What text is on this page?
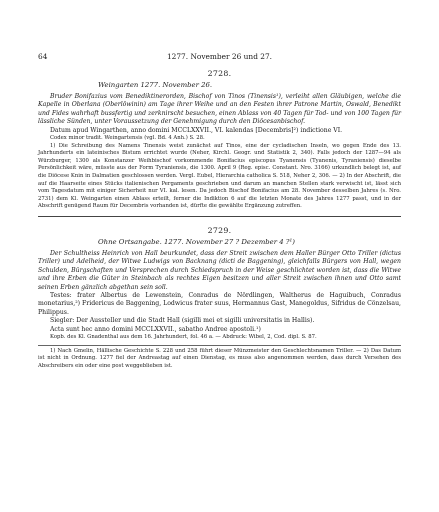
64	1277. November 26 und 27.
2728.
Weingarten 1277. November 26.

Bruder Bonifazius vom Benediktinerorden, Bischof von Tinos (Tinensis¹), verleiht allen Gläubigen, welche die Kapelle in Oberlana (Oberlöwinin) am Tage ihrer Weihe und an den Festen ihrer Patrone Martin, Oswald, Benedikt und Fides wahrhaft bussfertig und zerknirscht besuchen, einen Ablass von 40 Tagen für Tod- und von 100 Tagen für lässliche Sünden, unter Voraussetzung der Genehmigung durch den Diöcesanbischof.

Datum apud Wingarthen, anno domini MCCLXXVII., VI. kalendas [Decembris]²) indictione VI.

Codex minor tradit. Weingartensis (vgl. Bd. 4 Anh.) S. 28.

1) Die Schreibung des Namens Tinensis weist zunächst auf Tinos, eine der cycladischen Inseln, wo gegen Ende des 13. Jahrhunderts ein lateinisches Bistum errichtet wurde (Neher, Kirchl. Geogr. und Statistik 2, 340). Falls jedoch der 1287—94 als Würzburger, 1300 als Konstanzer Weihbischof vorkommende Bonifacius episcopus Tyanensis (Tyanenis, Tyraniensis) dieselbe Persönlichkeit wäre, müsste aus der Form Tyraniensis, die 1300. April 9 (Reg. episc. Constant. Nro. 3166) urkundlich belegt ist, auf die Diöcese Knin in Dalmatien geschlossen werden. Vergl. Eubel, Hierarchia catholica S. 518, Neher 2, 306. — 2) In der Abschrift, die auf die Haarseite eines Stücks italienischen Pergaments geschrieben und darum an manchen Stellen stark verwischt ist, lässt sich vom Tagesdatum mit einiger Sicherheit nur VI. kal. lesen. Da jedoch Bischof Bonifacius am 28. November desselben Jahres (s. Nro. 2731) dem Kl. Weingarten einen Ablass erteilt, ferner die Indiktion 6 auf die letzten Monate des Jahres 1277 passt, und in der Abschrift genügend Raum für Decembris vorhanden ist, dürfte die gewählte Ergänzung zutreffen.

2729.
Ohne Ortsangabe. 1277. November 27 ? Dezember 4 ?¹)

Der Schultheiss Heinrich von Hall beurkundet, dass der Streit zwischen dem Haller Bürger Otto Triller (dictus Triller) und Adelheid, der Witwe Ludwigs von Backnang (dicti de Baggening), gleichfalls Bürgers von Hall, wegen Schulden, Bürgschaften und Versprechen durch Schiedspruch in der Weise geschlichtet worden ist, dass die Witwe und ihre Erben die Güter in Steinbach als rechtes Eigen besitzen und aller Streit zwischen ihnen und Otto samt seinen Erben gänzlich abgethan sein soll.

Testes: frater Albertus de Lewenstein, Conradus de Nördlingen, Waltherus de Haguibuch, Conradus monetarius,²) Fridericus de Baggening, Lodwicus frater suus, Hermannus Gast, Manegoldus, Sifridus de Cönzelsau, Philippus.

Siegler: Der Aussteller und die Stadt Hall (sigilli mei et sigilli universitatis in Hallis).

Acta sunt hec anno domini MCCLXXVII., sabatho Andree apostoli.¹)

Kopb. des Kl. Gnadenthal aus dem 16. Jahrhundert, fol. 46 a. — Abdruck: Wibel, 2, Cod. dipl. S. 87.

1) Nach Gmelin, Hällische Geschichte S. 228 und 258 führt dieser Münzmeister den Geschlechtsnamen Triller. — 2) Das Datum ist nicht in Ordnung. 1277 fiel der Andreastag auf einen Dienstag, es muss also angenommen werden, dass durch Versehen des Abschreibers ein oder eine post weggeblieben ist.
